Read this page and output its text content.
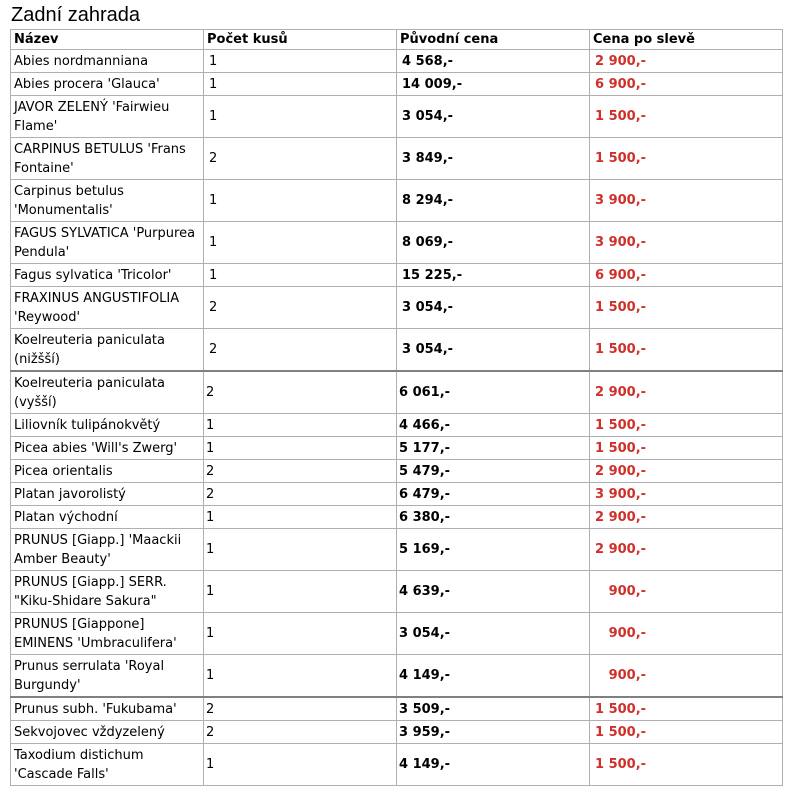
Zadní zahrada
Název	Počet kusů	Původní cena	Cena po slevě
Abies nordmanniana	1	4 568,-	2 900,-
Abies procera 'Glauca'	1	14 009,-	6 900,-
JAVOR ZELENÝ 'Fairwieu Flame'	1	3 054,-	1 500,-
CARPINUS BETULUS 'Frans Fontaine'	2	3 849,-	1 500,-
Carpinus betulus 'Monumentalis'	1	8 294,-	3 900,-
FAGUS SYLVATICA 'Purpurea Pendula'	1	8 069,-	3 900,-
Fagus sylvatica 'Tricolor'	1	15 225,-	6 900,-
FRAXINUS ANGUSTIFOLIA 'Reywood'	2	3 054,-	1 500,-
Koelreuteria paniculata (nižšší)	2	3 054,-	1 500,-
Koelreuteria paniculata (vyšší)	2	6 061,-	2 900,-
Liliovník tulipánokvětý	1	4 466,-	1 500,-
Picea abies 'Will's Zwerg'	1	5 177,-	1 500,-
Picea orientalis	2	5 479,-	2 900,-
Platan javorolistý	2	6 479,-	3 900,-
Platan východní	1	6 380,-	2 900,-
PRUNUS [Giapp.] 'Maackii Amber Beauty'	1	5 169,-	2 900,-
PRUNUS [Giapp.] SERR. "Kiku-Shidare Sakura"	1	4 639,-	900,-
PRUNUS [Giappone] EMINENS 'Umbraculifera'	1	3 054,-	900,-
Prunus serrulata 'Royal Burgundy'	1	4 149,-	900,-
Prunus subh. 'Fukubama'	2	3 509,-	1 500,-
Sekvojovec vždyzelený	2	3 959,-	1 500,-
Taxodium distichum 'Cascade Falls'	1	4 149,-	1 500,-
